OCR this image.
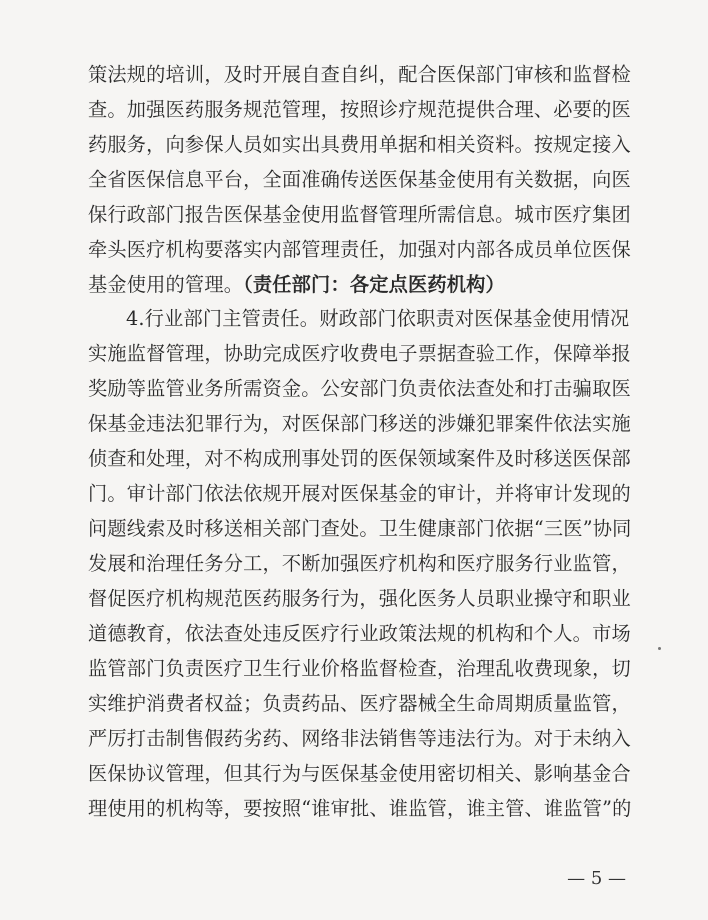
策法规的培训，及时开展自查自纠，配合医保部门审核和监督检
查。加强医药服务规范管理，按照诊疗规范提供合理、必要的医
药服务，向参保人员如实出具费用单据和相关资料。按规定接入
全省医保信息平台，全面准确传送医保基金使用有关数据，向医
保行政部门报告医保基金使用监督管理所需信息。城市医疗集团
牵头医疗机构要落实内部管理责任，加强对内部各成员单位医保
基金使用的管理。（责任部门：各定点医药机构）
4.行业部门主管责任。财政部门依职责对医保基金使用情况
实施监督管理，协助完成医疗收费电子票据查验工作，保障举报
奖励等监管业务所需资金。公安部门负责依法查处和打击骗取医
保基金违法犯罪行为，对医保部门移送的涉嫌犯罪案件依法实施
侦查和处理，对不构成刑事处罚的医保领域案件及时移送医保部
门。审计部门依法依规开展对医保基金的审计，并将审计发现的
问题线索及时移送相关部门查处。卫生健康部门依据“三医”协同
发展和治理任务分工，不断加强医疗机构和医疗服务行业监管，
督促医疗机构规范医药服务行为，强化医务人员职业操守和职业
道德教育，依法查处违反医疗行业政策法规的机构和个人。市场
监管部门负责医疗卫生行业价格监督检查，治理乱收费现象，切
实维护消费者权益；负责药品、医疗器械全生命周期质量监管，
严厉打击制售假药劣药、网络非法销售等违法行为。对于未纳入
医保协议管理，但其行为与医保基金使用密切相关、影响基金合
理使用的机构等，要按照“谁审批、谁监管，谁主管、谁监管”的
— 5 —
